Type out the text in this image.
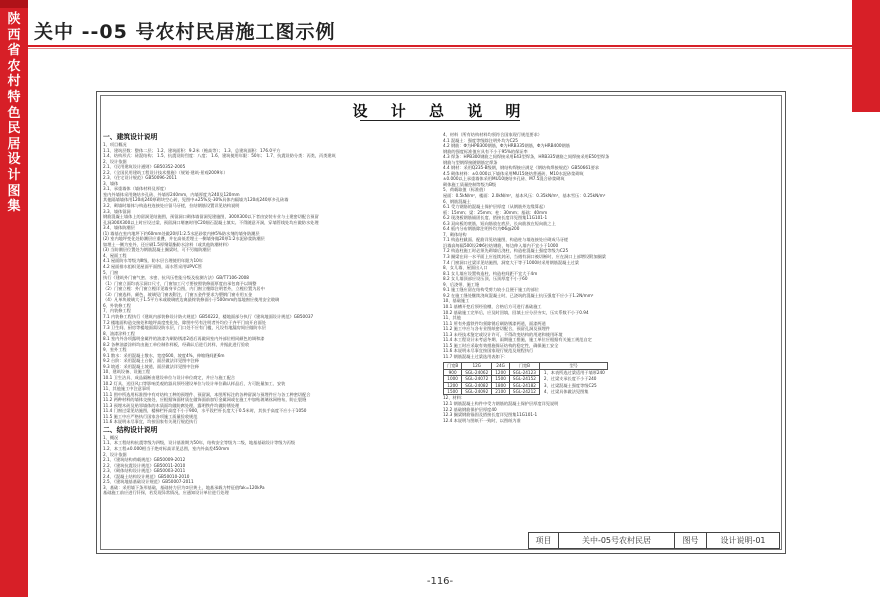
陕西省农村特色民居设计图集
关中 --05 号农村民居施工图示例
设 计 总 说 明
一、建筑设计说明
1、项目概况
1.1、建筑层数：整体二层； 1.2、建筑面积：9.2米（檐高等）； 1.3、总建筑面积：176.0平方
1.4、结构形式：砖混结构； 1.5、抗震设防烈度：八度； 1.6、建筑使用年限：50年； 1.7、抗震设防分类：丙类，丙类建筑
2、设计依据
2.1、《民用建筑设计通则》GB50352-2005
2.2、《全国民用建筑工程设计技术措施》（规划·建筑·景观2009年）
2.3、《住宅设计规范》GB50096-2011
3、墙体
3.1、承重墙体（墙体材料及厚度）
室内外墙体采用烧结多孔砖、外墙厚240mm，内墙厚度为240及120mm
其他隔墙墙体用120或240厚砌块空心砖，见图中±25%及-30%具体内隔墙为120或240厚多孔砖墙
3.2、砌墙时墙体与构造柱连接处应留马牙槎，拉结钢筋设置详见结构说明
3.3、墙体留洞
钢筋混凝土墙体上的留洞见结施图，预留洞口砌体墙留洞见建施图，300X300以下者由安装专业与土建密切配合预留
孔洞300X300以上时应设过梁，预留洞口堵塞时用C20细石混凝土填实。不得随意开洞，穿墙管线处均应做防水处理
3.4、墙体防潮层
(1) 墙基在室内地坪下约60mm处做20厚1:2.5水泥砂浆内掺5%防水剂的墙身防潮层
(2) 室内地坪变化处防潮层应重叠，并在高低差埋土一侧墙身做20厚1:2水泥砂浆防潮层
如埋土一侧为室外，还应刷1.5厚聚氨酯防水涂料（或其他防潮材料）
(3) 当防潮层位置处为钢筋混凝土圈梁时，可不另做防潮层
4、屋面工程
4.1 屋面防水等级为Ⅲ级，防水层合理使用年限为10年
4.2 屋面排水组织见屋面平面图，雨水管采用UPVC管
5、门窗
执行《建筑外门窗气密、水密、抗风压性能分级及检测方法》GB/T7106-2008
（1）门窗立面均表示洞口尺寸，门窗加工尺寸要按照装修面厚度由承包商予以调整
（2）门窗立樘：外门窗立樘详见墙身节点图，内门窗立樘除注明者外，立樘位置为居中
（3）门窗选料、颜色、玻璃见门窗表附注，门窗五金件要求为塑钢门窗专用五金
（4）凡单块玻璃大于1.5平方米或玻璃底边离最终装修面小于500mm的落地窗应使用安全玻璃
6、外装修工程
7、内装修工程
7.1 内装修工程执行《建筑内部装修设计防火规范》GB50222，楼地面部分执行《建筑地面设计规范》GB50037
7.2 楼地面构造交接处和地坪高度变化处，除图中另有注明者外均位于齐平门扇开启面处
7.3 卫生间、厨房等楼地面需设防水层，门口处不应有门槛，凡设有地漏房间应做防水层
8、油漆涂料工程
8.1 室内外各项露明金属件的油漆为刷防锈漆2道后再做同室内外部位相同颜色的调和漆
8.2 各种油漆涂料均由施工单位制作样板，经确认后进行封样，并据此进行验收
9、室外工程
9.1 散水：采用混凝土散水，宽度600，坡度4%，伸缩缝间距6m
9.2 台阶：采用混凝土台阶，面层做法详见图中注释
9.3 坡道：采用混凝土坡道，面层做法详见图中注释
10、建筑设备、设施工程
10.1 卫生洁具、成品隔断由建设单位与设计单位商定，并应与施工配合
10.2 灯具、送回风口等影响美观的器具须经建设单位与设计单位确认样品后，方可批量加工、安装
11、其他施工中注意事项
11.1 图中所选用标准图中有对结构工种的预埋件、预留洞，本图所标注的各种留洞与预埋件应与各工种密切配合
11.2 两种材料的墙体交接处，应根据饰面材质在做饰面前加钉金属网或在施工中加贴玻璃丝网格布，防止裂缝
11.3 预埋木砖及贴邻墙体的木质面均做防腐处理，露明铁件均做防锈处理
11.4 门窗过梁见结施图，楼梯栏杆高度不小于900，水平段栏杆长度大于0.5米时，其扶手高度不应小于1050
11.5 施工中应严格执行国家各项施工质量验收规范
11.6 本说明未尽事宜，均按国家有关现行规范执行
二、结构设计说明
1、概况
1.1、本工程结构抗震等级为四级，设计基准期为50年，结构安全等级为二级，地基基础设计等级为丙级
1.2、本工程±0.000相当于绝对标高详见总图，室内外高差450mm
2、设计依据
2.1、《建筑结构荷载规范》GB50009-2012
2.2、《建筑抗震设计规范》GB50011-2010
2.3、《砌体结构设计规范》GB50003-2011
2.4、《混凝土结构设计规范》GB50010-2010
2.5、《建筑地基基础设计规范》GB50007-2011
3、基础：采用墙下条形基础，基础持力层为②层黄土，地基承载力特征值fak=120kPa
基础施工前应进行钎探，若发现异常情况，应通知设计单位进行处理
4、材料（所有结构材料均须符合国家现行规范要求）
4.1 混凝土：强度等级除注明外均为C25
4.2 钢筋：Φ为HPB300钢筋，Φ为HRB335钢筋，Φ为HRB400钢筋
钢筋的强度标准值应具有不小于95%的保证率
4.3 焊条：HPB300钢筋之间焊接采用E43型焊条，HRB335钢筋之间焊接采用E50型焊条
钢筋与型钢焊接随钢筋定焊条
4.4 钢材：采用Q235-B级钢，钢结构焊接应满足《钢结构焊接规范》GB50661要求
4.5 砌体材料：±0.000以下墙体采用MU15烧结普通砖、M10水泥砂浆砌筑
±0.000以上承重墙体采用MU10烧结多孔砖、M7.5混合砂浆砌筑
砌体施工质量控制等级为B级
5、荷载取值（标准值）
屋面：0.5kN/m²，楼面：2.0kN/m²，基本风压：0.35kN/m²，基本雪压：0.25kN/m²
6、钢筋混凝土
6.1 受力钢筋的混凝土保护层厚度（从钢筋外边缘算起）
板：15mm；梁：25mm；柱：30mm；基础：40mm
6.2 现浇板钢筋锚固长度、搭接长度详见图集11G101-1
6.3 双向板的底筋，短向筋放在底层，长向筋放在短向筋之上
6.4 板内分布钢筋除注明外均为Φ6@200
7、砌体结构
7.1 构造柱截面、配筋详见结施图，构造柱与墙连接处应砌成马牙槎
沿墙高每隔500设2Φ6拉结钢筋，每边伸入墙内不宜小于1000
7.2 构造柱施工时必须先砌墙后浇柱，构造柱混凝土强度等级为C25
7.3 圈梁在同一水平面上应连续封闭，当遇有洞口被切断时，应在洞口上部增设附加圈梁
7.4 门窗洞口过梁详见结施图，洞宽大于等于1000时采用钢筋混凝土过梁
8、女儿墙、屋面出入口
8.1 女儿墙应设置构造柱，构造柱间距不宜大于4m
8.2 女儿墙顶部应设压顶，压顶厚度不小于60
9、后浇带、施工缝
9.1 施工缝应留在结构受剪力较小且便于施工的部位
9.2 在施工缝处继续浇筑混凝土时，已浇筑的混凝土抗压强度不应小于1.2N/mm²
10、基础施工
10.1 基槽开挖后须经验槽，合格后方可进行基础施工
10.2 基础施工完毕后，应及时回填，回填土应分层夯实，压实系数不小于0.94
11、其他
11.1 所有外露铁件均须除锈后刷防锈漆两道，面漆两道
11.2 施工中应与各专业图纸密切配合，预留孔洞及预埋件
11.3 未经技术鉴定或设计许可，不得改变结构的用途和使用环境
11.4 本工程设计未考虑冬期、雨期施工措施，施工单位应根据有关施工规范自定
11.5 施工时应采取有效措施保证结构的稳定性，确保施工安全
11.6 本说明未尽事宜按国家现行规范及规程执行
11.7 钢筋混凝土过梁选用表如下：
门宽B	12G	24G	门宽B	型号
900	SGL-24062	1200	SGL-24123	1、本表所选过梁适用于墙厚240
1000	SGL-24072	1500	SGL-24152	2、过梁支承长度不小于240
1200	SGL-24082	1800	SGL-24182	3、过梁混凝土强度等级C25
1500	SGL-24092	2100	SGL-24212	4、过梁具体做法见图集
12、材料：
12.1 钢筋混凝土构件中受力钢筋的混凝土保护层厚度详见说明
12.2 基础钢筋保护层厚度40
12.3 圈梁钢筋锚固及搭接长度详见图集11G101-1
12.4 本说明与图纸不一致时，以图纸为准
项目	关中-05号农村民居	图号	设计说明-01
-116-
